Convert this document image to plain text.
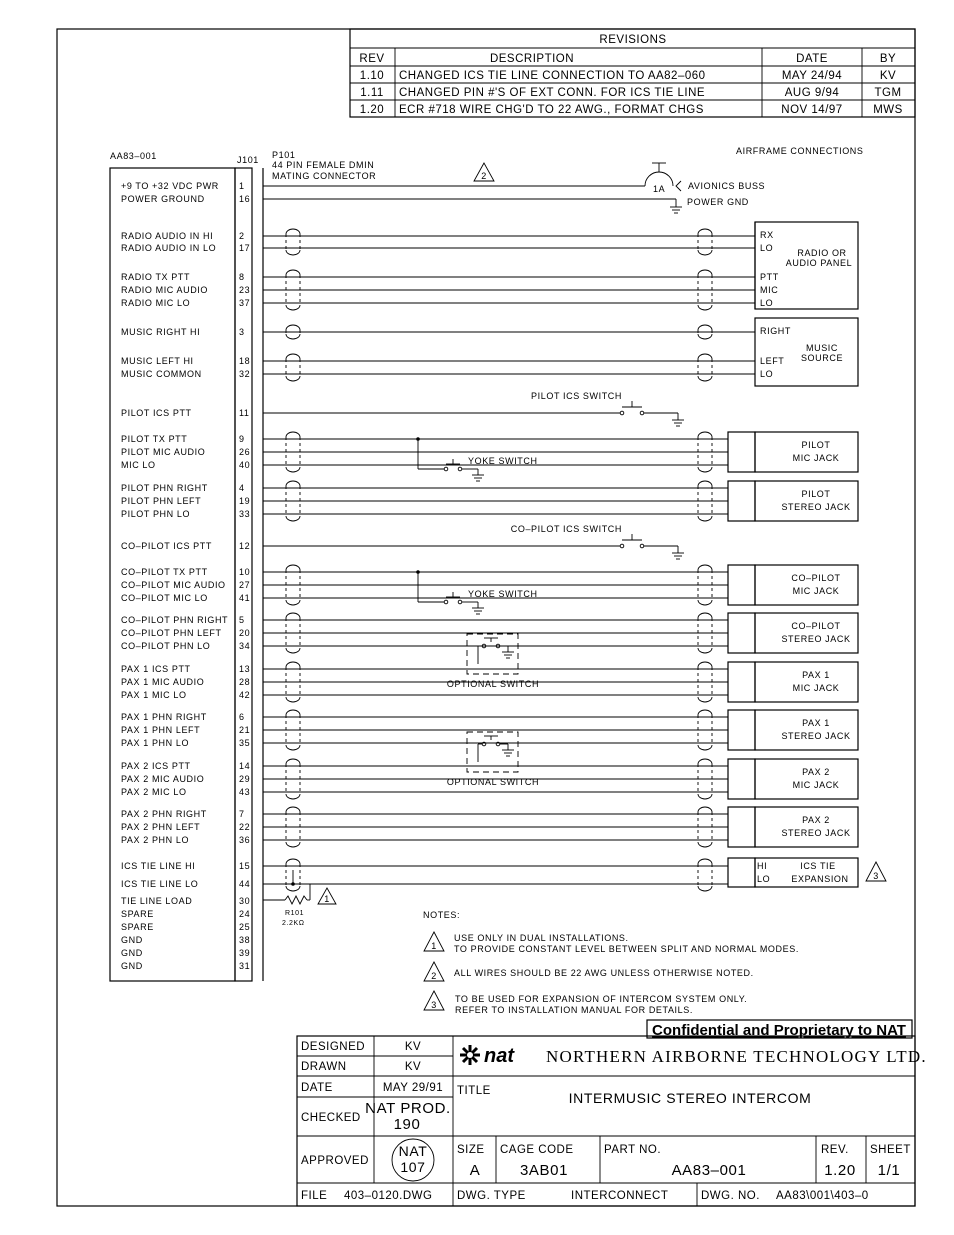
REVISIONS
REV	DESCRIPTION	DATE	BY
1.10 CHANGED ICS TIE LINE CONNECTION TO AA82–060	MAY 24/94	KV
1.11 CHANGED PIN #'S OF EXT CONN. FOR ICS TIE LINE	AUG 9/94	TGM
1.20 ECR #718 WIRE CHG'D TO 22 AWG., FORMAT CHGS	NOV 14/97	MWS
AA83–001	J101 P101
44 PIN FEMALE DMIN
MATING CONNECTOR
AIRFRAME CONNECTIONS
+9 TO +32 VDC PWR 1
POWER GROUND	16
RADIO AUDIO IN HI	2
RADIO AUDIO IN LO	17
RADIO TX PTT	8
RADIO MIC AUDIO	23
RADIO MIC LO	37
MUSIC RIGHT HI	3
MUSIC LEFT HI	18
MUSIC COMMON	32
PILOT ICS PTT	11
PILOT TX PTT	9
PILOT MIC AUDIO	26
MIC LO	40
PILOT PHN RIGHT	4
PILOT PHN LEFT	19
PILOT PHN LO	33
CO–PILOT ICS PTT	12
CO–PILOT TX PTT	10
CO–PILOT MIC AUDIO 27
CO–PILOT MIC LO	41
CO–PILOT PHN RIGHT 5
CO–PILOT PHN LEFT 20
CO–PILOT PHN LO	34
PAX 1 ICS PTT	13
PAX 1 MIC AUDIO	28
PAX 1 MIC LO	42
PAX 1 PHN RIGHT	6
PAX 1 PHN LEFT	21
PAX 1 PHN LO	35
PAX 2 ICS PTT	14
PAX 2 MIC AUDIO	29
PAX 2 MIC LO	43
PAX 2 PHN RIGHT	7
PAX 2 PHN LEFT	22
PAX 2 PHN LO	36
ICS TIE LINE HI	15
ICS TIE LINE LO	44
TIE LINE LOAD	30
SPARE	24
SPARE	25
GND	38
GND	39
GND	31
2
1A	AVIONICS BUSS
POWER GND
RX
LO
PTT
MIC
LO
RADIO OR
AUDIO PANEL
RIGHT
LEFT
LO
MUSIC
SOURCE
PILOT
MIC JACK
PILOT
STEREO JACK
CO–PILOT
MIC JACK
CO–PILOT
STEREO JACK
PAX 1
MIC JACK
PAX 1
STEREO JACK
PAX 2
MIC JACK
PAX 2
STEREO JACK
HI
LO
ICS TIE
EXPANSION	3
PILOT ICS SWITCH
CO–PILOT ICS SWITCH
YOKE SWITCH
YOKE SWITCH
OPTIONAL SWITCH
OPTIONAL SWITCH
R101
2.2KΩ
1
NOTES:
1
USE ONLY IN DUAL INSTALLATIONS.
TO PROVIDE CONSTANT LEVEL BETWEEN SPLIT AND NORMAL MODES.
2 ALL WIRES SHOULD BE 22 AWG UNLESS OTHERWISE NOTED.
3
TO BE USED FOR EXPANSION OF INTERCOM SYSTEM ONLY.
REFER TO INSTALLATION MANUAL FOR DETAILS.
Confidential and Proprietary to NAT
DESIGNED	KV
DRAWN	KV
DATE	MAY 29/91
CHECKED
NAT PROD.
190
APPROVED
NAT
107
nat NORTHERN AIRBORNE TECHNOLOGY LTD.
TITLE	INTERMUSIC STEREO INTERCOM
SIZE
A
CAGE CODE
3AB01
PART NO.
AA83–001
REV.
1.20
SHEET
1/1
FILE 403–0120.DWG DWG. TYPE	INTERCONNECT	DWG. NO. AA83\001\403–0
